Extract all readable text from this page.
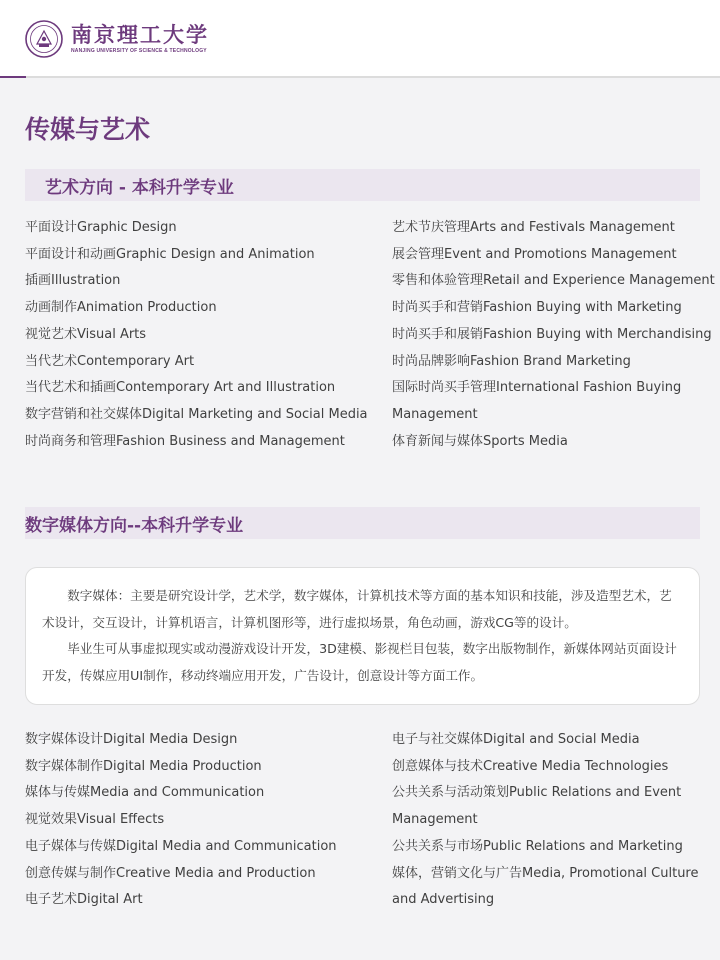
南京理工大学
NANJING UNIVERSITY OF SCIENCE & TECHNOLOGY
传媒与艺术
艺术方向 - 本科升学专业
平面设计Graphic Design
平面设计和动画Graphic Design and Animation
插画Illustration
动画制作Animation Production
视觉艺术Visual Arts
当代艺术Contemporary Art
当代艺术和插画Contemporary Art and Illustration
数字营销和社交媒体Digital Marketing and Social Media
时尚商务和管理Fashion Business and Management
艺术节庆管理Arts and Festivals Management
展会管理Event and Promotions Management
零售和体验管理Retail and Experience Management
时尚买手和营销Fashion Buying with Marketing
时尚买手和展销Fashion Buying with Merchandising
时尚品牌影响Fashion Brand Marketing
国际时尚买手管理International Fashion Buying
Management
体育新闻与媒体Sports Media
数字媒体方向--本科升学专业

数字媒体：主要是研究设计学，艺术学，数字媒体，计算机技术等方面的基本知识和技能，涉及造型艺术，艺术设计，交互设计，计算机语言，计算机图形等，进行虚拟场景，角色动画，游戏CG等的设计。

毕业生可从事虚拟现实或动漫游戏设计开发，3D建模、影视栏目包装，数字出版物制作，新媒体网站页面设计开发，传媒应用UI制作，移动终端应用开发，广告设计，创意设计等方面工作。

数字媒体设计Digital Media Design
数字媒体制作Digital Media Production
媒体与传媒Media and Communication
视觉效果Visual Effects
电子媒体与传媒Digital Media and Communication
创意传媒与制作Creative Media and Production
电子艺术Digital Art
电子与社交媒体Digital and Social Media
创意媒体与技术Creative Media Technologies
公共关系与活动策划Public Relations and Event
Management
公共关系与市场Public Relations and Marketing
媒体，营销文化与广告Media, Promotional Culture
and Advertising
